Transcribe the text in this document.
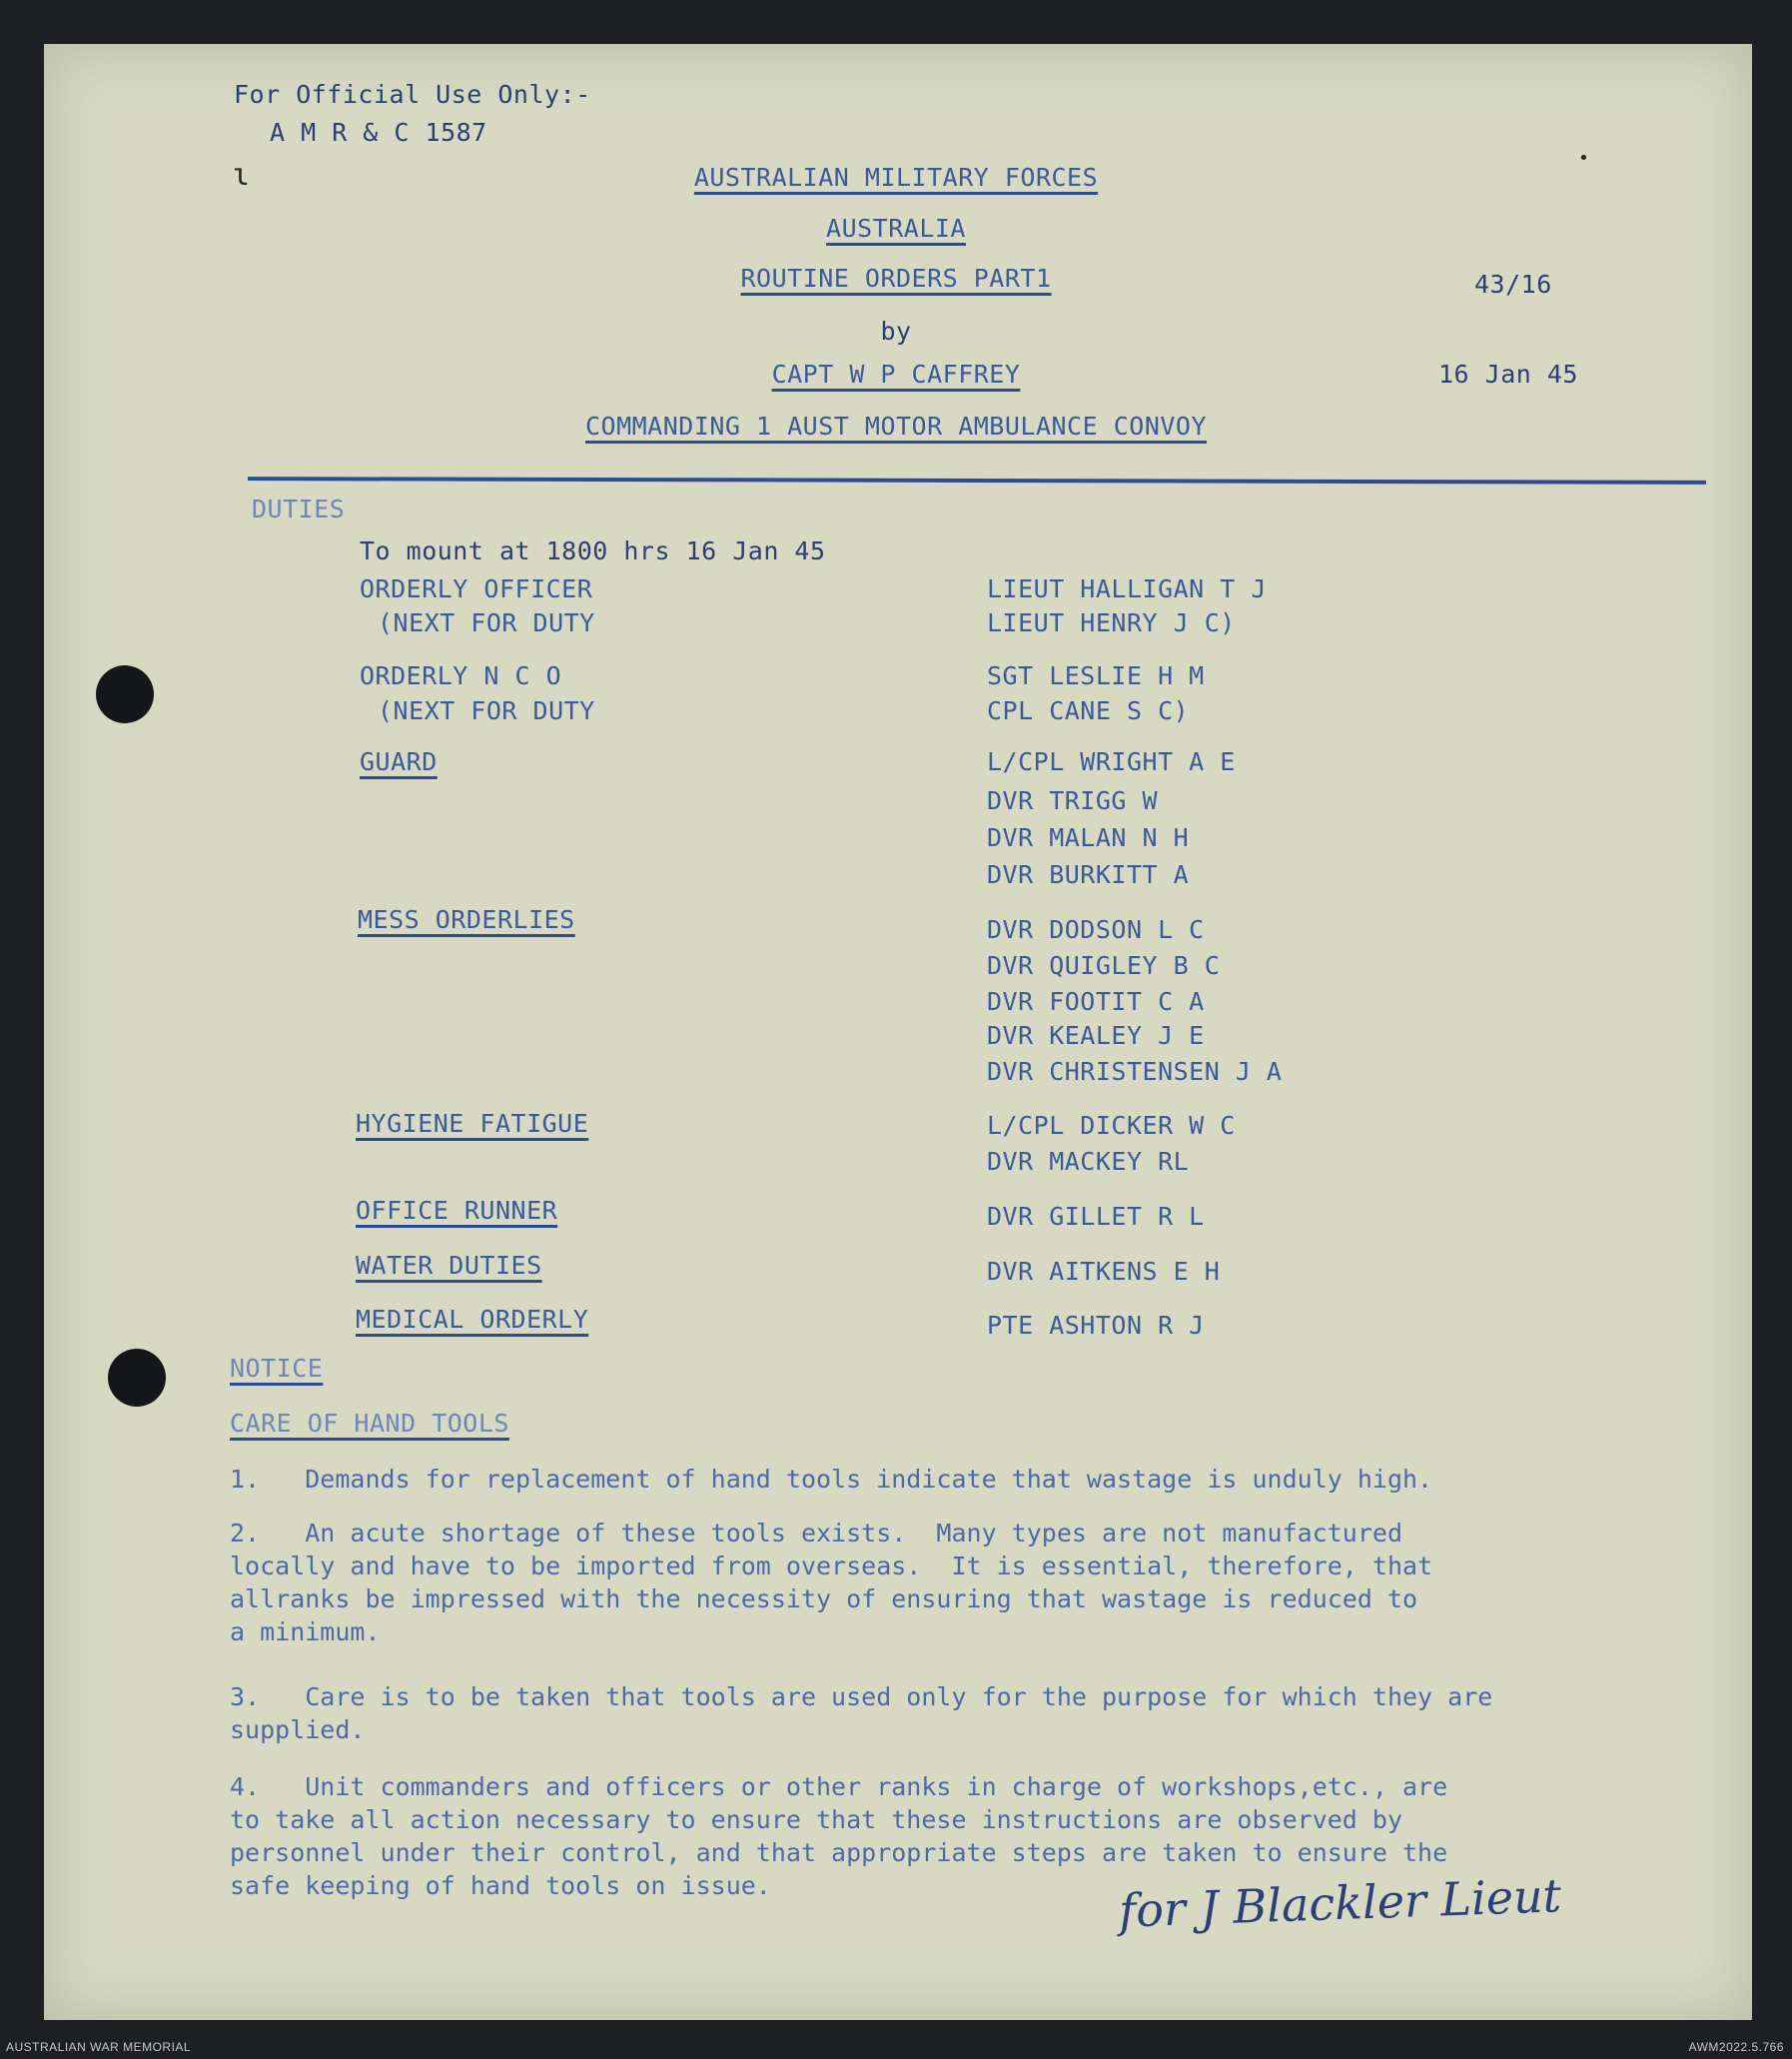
ɩ	•
For Official Use Only:-
A M R & C 1587
AUSTRALIAN MILITARY FORCES
AUSTRALIA
ROUTINE ORDERS PART1	43/16
by
CAPT W P CAFFREY	16 Jan 45
COMMANDING 1 AUST MOTOR AMBULANCE CONVOY
DUTIES
To mount at 1800 hrs 16 Jan 45
ORDERLY OFFICER	LIEUT HALLIGAN T J
(NEXT FOR DUTY	LIEUT HENRY J C)
ORDERLY N C O	SGT LESLIE H M
(NEXT FOR DUTY	CPL CANE S C)
GUARD	L/CPL WRIGHT A E
DVR TRIGG W
DVR MALAN N H
DVR BURKITT A
MESS ORDERLIES	DVR DODSON L C
DVR QUIGLEY B C
DVR FOOTIT C A
DVR KEALEY J E
DVR CHRISTENSEN J A
HYGIENE FATIGUE	L/CPL DICKER W C
DVR MACKEY RL
OFFICE RUNNER	DVR GILLET R L
WATER DUTIES	DVR AITKENS E H
MEDICAL ORDERLY	PTE ASHTON R J
NOTICE
CARE OF HAND TOOLS
1.   Demands for replacement of hand tools indicate that wastage is unduly high.
2.   An acute shortage of these tools exists.  Many types are not manufactured
locally and have to be imported from overseas.  It is essential, therefore, that
allranks be impressed with the necessity of ensuring that wastage is reduced to
a minimum.
3.   Care is to be taken that tools are used only for the purpose for which they are
supplied.
4.   Unit commanders and officers or other ranks in charge of workshops,etc., are
to take all action necessary to ensure that these instructions are observed by
personnel under their control, and that appropriate steps are taken to ensure the
safe keeping of hand tools on issue.	for J Blackler Lieut
AUSTRALIAN WAR MEMORIAL	AWM2022.5.766
